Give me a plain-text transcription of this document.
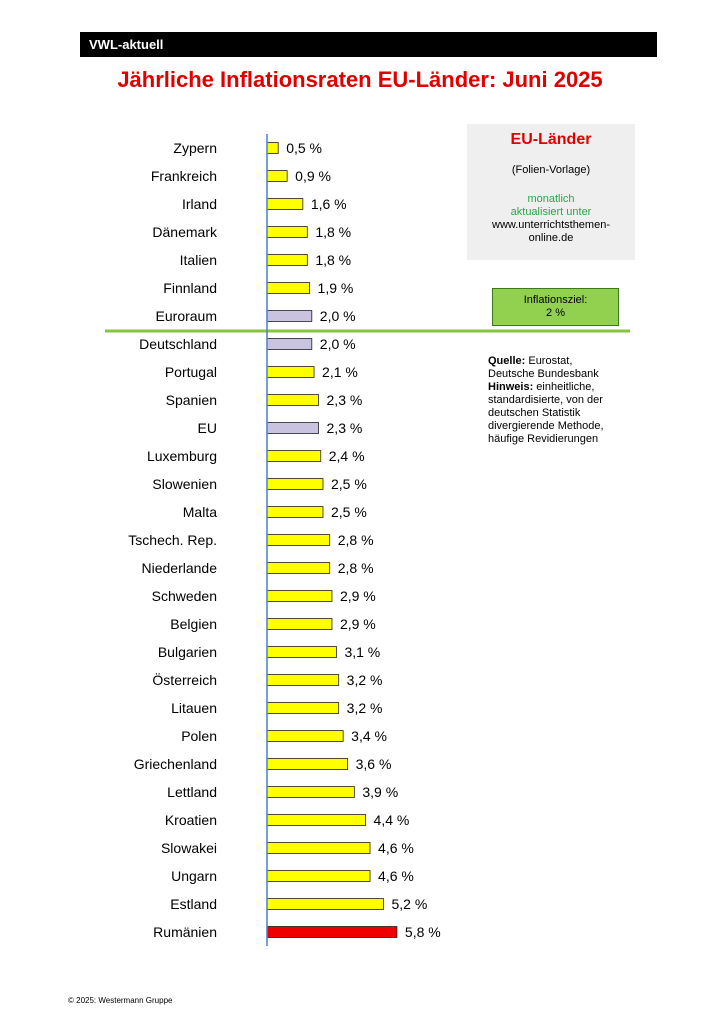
VWL-aktuell
Jährliche Inflationsraten EU-Länder: Juni 2025
Zypern	0,5 %
Frankreich	0,9 %
Irland	1,6 %
Dänemark	1,8 %
Italien	1,8 %
Finnland	1,9 %
Euroraum	2,0 %
Deutschland	2,0 %
Portugal	2,1 %
Spanien	2,3 %
EU	2,3 %
Luxemburg	2,4 %
Slowenien	2,5 %
Malta	2,5 %
Tschech. Rep.	2,8 %
Niederlande	2,8 %
Schweden	2,9 %
Belgien	2,9 %
Bulgarien	3,1 %
Österreich	3,2 %
Litauen	3,2 %
Polen	3,4 %
Griechenland	3,6 %
Lettland	3,9 %
Kroatien	4,4 %
Slowakei	4,6 %
Ungarn	4,6 %
Estland	5,2 %
Rumänien	5,8 %
EU-Länder
(Folien-Vorlage)
monatlich
aktualisiert unter
www.unterrichtsthemen-
online.de
Inflationsziel:
2 %
Quelle: Eurostat,
Deutsche Bundesbank
Hinweis: einheitliche,
standardisierte, von der
deutschen Statistik
divergierende Methode,
häufige Revidierungen
© 2025: Westermann Gruppe
